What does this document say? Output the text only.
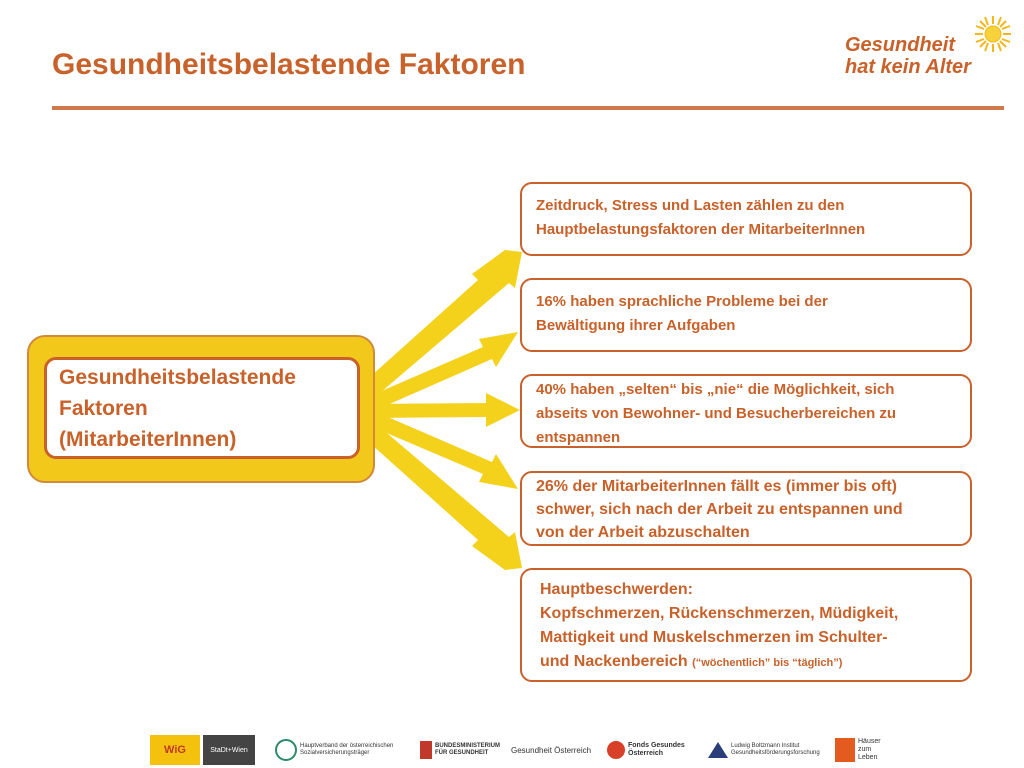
Gesundheitsbelastende Faktoren
Gesundheit
hat kein Alter
Gesundheitsbelastende
Faktoren
(MitarbeiterInnen)
Zeitdruck, Stress und Lasten zählen zu den
Hauptbelastungsfaktoren der MitarbeiterInnen
16% haben sprachliche Probleme bei der
Bewältigung ihrer Aufgaben
40% haben „selten“ bis „nie“ die Möglichkeit, sich
abseits von Bewohner- und Besucherbereichen zu
entspannen
26% der MitarbeiterInnen fällt es (immer bis oft)
schwer, sich nach der Arbeit zu entspannen und
von der Arbeit abzuschalten
Hauptbeschwerden:
Kopfschmerzen, Rückenschmerzen, Müdigkeit,
Mattigkeit und Muskelschmerzen im Schulter-
und Nackenbereich (“wöchentlich” bis “täglich”)
WiG	StaDt+Wien
Hauptverband der österreichischen
Sozialversicherungsträger
BUNDESMINISTERIUM
FÜR GESUNDHEIT	Gesundheit Österreich	Fonds Gesundes
Österreich
Ludwig Boltzmann Institut
Gesundheitsförderungsforschung
Häuser
zum
Leben
